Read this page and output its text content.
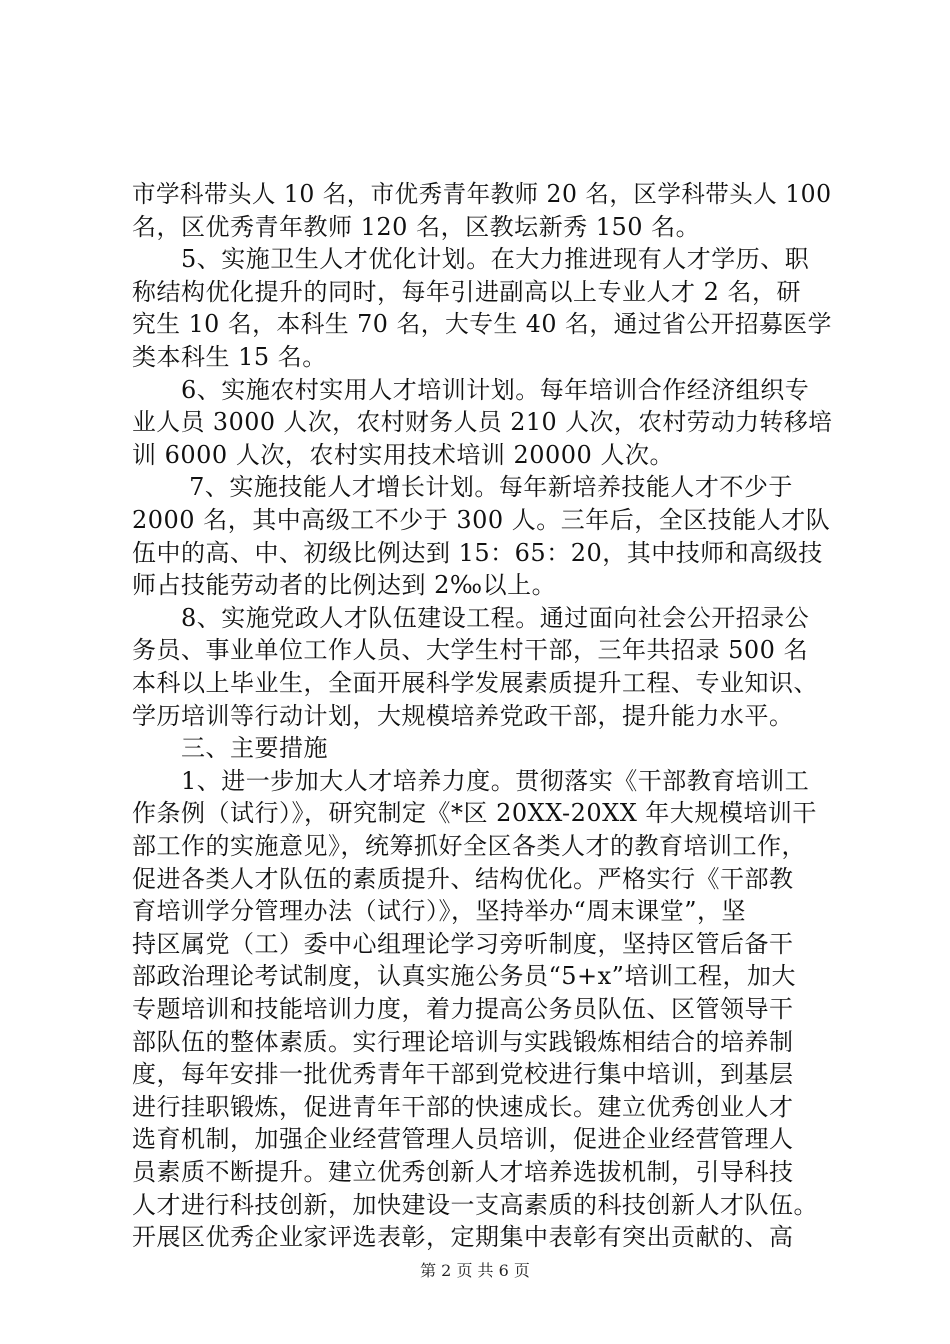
市学科带头人 10 名，市优秀青年教师 20 名，区学科带头人 100
名，区优秀青年教师 120 名，区教坛新秀 150 名。
　　5、实施卫生人才优化计划。在大力推进现有人才学历、职
称结构优化提升的同时，每年引进副高以上专业人才 2 名，研
究生 10 名，本科生 70 名，大专生 40 名，通过省公开招募医学
类本科生 15 名。
　　6、实施农村实用人才培训计划。每年培训合作经济组织专
业人员 3000 人次，农村财务人员 210 人次，农村劳动力转移培
训 6000 人次，农村实用技术培训 20000 人次。
　　 7、实施技能人才增长计划。每年新培养技能人才不少于
2000 名，其中高级工不少于 300 人。三年后，全区技能人才队
伍中的高、中、初级比例达到 15：65：20，其中技师和高级技
师占技能劳动者的比例达到 2‰以上。
　　8、实施党政人才队伍建设工程。通过面向社会公开招录公
务员、事业单位工作人员、大学生村干部，三年共招录 500 名
本科以上毕业生，全面开展科学发展素质提升工程、专业知识、
学历培训等行动计划，大规模培养党政干部，提升能力水平。
　　三、主要措施
　　1、进一步加大人才培养力度。贯彻落实《干部教育培训工
作条例（试行）》，研究制定《*区 20XX-20XX 年大规模培训干
部工作的实施意见》，统筹抓好全区各类人才的教育培训工作，
促进各类人才队伍的素质提升、结构优化。严格实行《干部教
育培训学分管理办法（试行）》，坚持举办“周末课堂”，坚
持区属党（工）委中心组理论学习旁听制度，坚持区管后备干
部政治理论考试制度，认真实施公务员“5+x”培训工程，加大
专题培训和技能培训力度，着力提高公务员队伍、区管领导干
部队伍的整体素质。实行理论培训与实践锻炼相结合的培养制
度，每年安排一批优秀青年干部到党校进行集中培训，到基层
进行挂职锻炼，促进青年干部的快速成长。建立优秀创业人才
选育机制，加强企业经营管理人员培训，促进企业经营管理人
员素质不断提升。建立优秀创新人才培养选拔机制，引导科技
人才进行科技创新，加快建设一支高素质的科技创新人才队伍。
开展区优秀企业家评选表彰，定期集中表彰有突出贡献的、高
第 2 页 共 6 页
